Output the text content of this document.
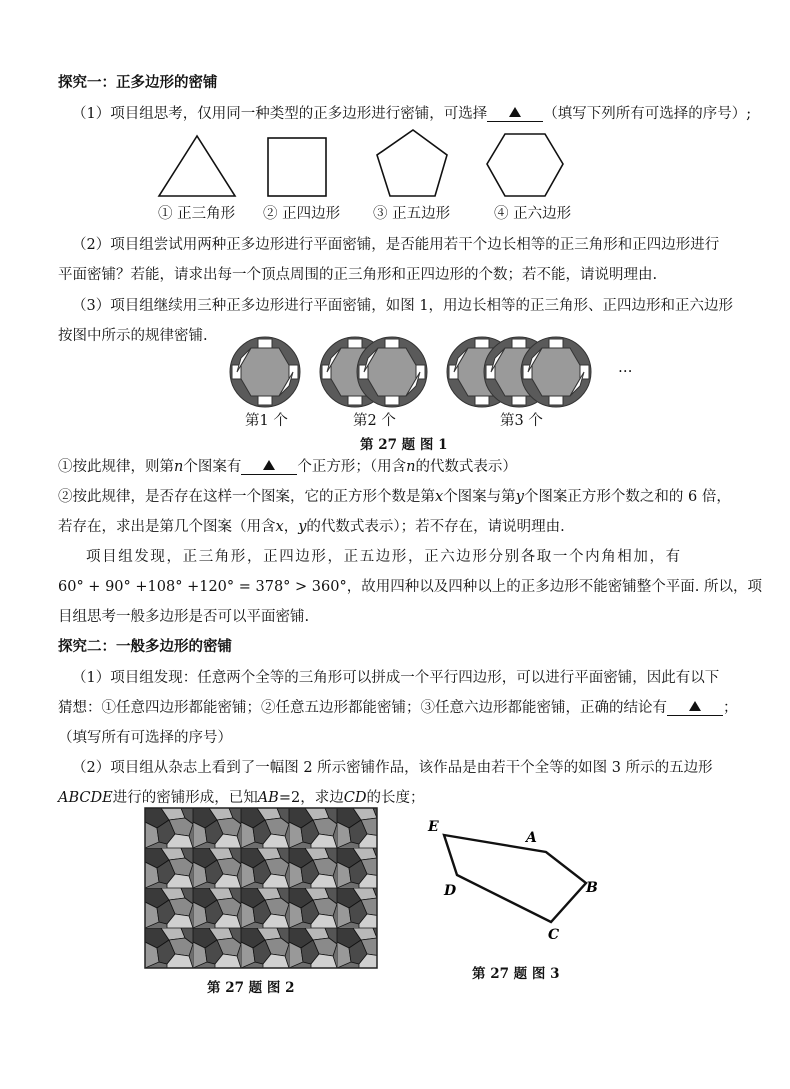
探究一：正多边形的密铺
（1）项目组思考，仅用同一种类型的正多边形进行密铺，可选择	（填写下列所有可选择的序号）;
① 正三角形 ② 正四边形 ③ 正五边形	④ 正六边形
（2）项目组尝试用两种正多边形进行平面密铺，是否能用若干个边长相等的正三角形和正四边形进行
平面密铺？若能，请求出每一个顶点周围的正三角形和正四边形的个数；若不能，请说明理由.
（3）项目组继续用三种正多边形进行平面密铺，如图 1，用边长相等的正三角形、正四边形和正六边形
按图中所示的规律密铺.
…
第1 个	第2 个	第3 个
第 27 题 图 1
①按此规律，则第n个图案有	个正方形；（用含n的代数式表示）
②按此规律，是否存在这样一个图案，它的正方形个数是第x个图案与第y个图案正方形个数之和的 6 倍，
若存在，求出是第几个图案（用含x，y的代数式表示）；若不存在，请说明理由.
项目组发现，正三角形，正四边形，正五边形，正六边形分别各取一个内角相加，有
60° + 90° +108° +120° = 378° > 360°，故用四种以及四种以上的正多边形不能密铺整个平面. 所以，项
目组思考一般多边形是否可以平面密铺.
探究二：一般多边形的密铺
（1）项目组发现：任意两个全等的三角形可以拼成一个平行四边形，可以进行平面密铺，因此有以下
猜想：①任意四边形都能密铺；②任意五边形都能密铺；③任意六边形都能密铺，正确的结论有	；
（填写所有可选择的序号）
（2）项目组从杂志上看到了一幅图 2 所示密铺作品，该作品是由若干个全等的如图 3 所示的五边形
ABCDE进行的密铺形成，已知AB=2，求边CD的长度；
第 27 题 图 2
E
A
B
C
D
第 27 题 图 3
